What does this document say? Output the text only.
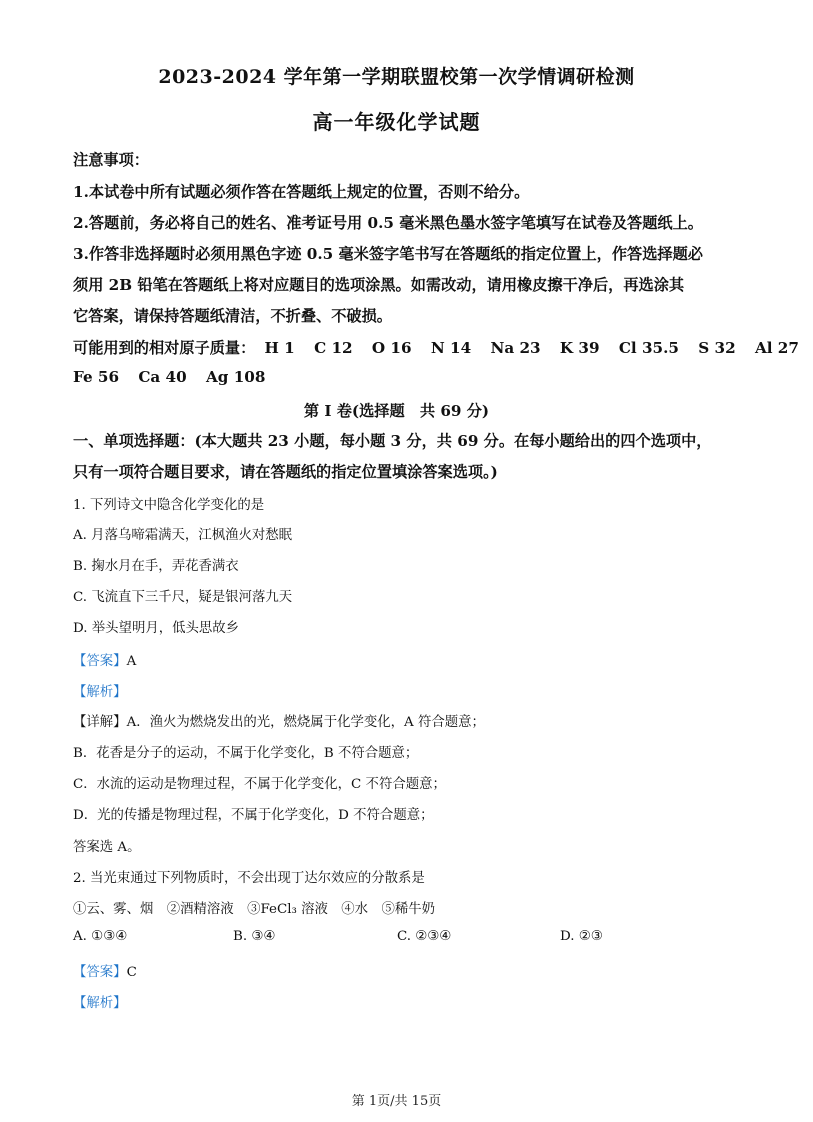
2023-2024 学年第一学期联盟校第一次学情调研检测
高一年级化学试题
注意事项：
1.本试卷中所有试题必须作答在答题纸上规定的位置，否则不给分。
2.答题前，务必将自己的姓名、准考证号用 0.5 毫米黑色墨水签字笔填写在试卷及答题纸上。
3.作答非选择题时必须用黑色字迹 0.5 毫米签字笔书写在答题纸的指定位置上，作答选择题必
须用 2B 铅笔在答题纸上将对应题目的选项涂黑。如需改动，请用橡皮擦干净后，再选涂其
它答案，请保持答题纸清洁，不折叠、不破损。
可能用到的相对原子质量： H 1 C 12 O 16 N 14 Na 23 K 39 Cl 35.5 S 32 Al 27
Fe 56 Ca 40 Ag 108
第 I 卷(选择题　共 69 分)
一、单项选择题：(本大题共 23 小题，每小题 3 分，共 69 分。在每小题给出的四个选项中，
只有一项符合题目要求，请在答题纸的指定位置填涂答案选项。)
1. 下列诗文中隐含化学变化的是
A. 月落乌啼霜满天，江枫渔火对愁眠
B. 掬水月在手，弄花香满衣
C. 飞流直下三千尺，疑是银河落九天
D. 举头望明月，低头思故乡
【答案】A
【解析】
【详解】A．渔火为燃烧发出的光，燃烧属于化学变化，A 符合题意；
B．花香是分子的运动，不属于化学变化，B 不符合题意；
C．水流的运动是物理过程，不属于化学变化，C 不符合题意；
D．光的传播是物理过程，不属于化学变化，D 不符合题意；
答案选 A。
2. 当光束通过下列物质时，不会出现丁达尔效应的分散系是
①云、雾、烟　②酒精溶液　③FeCl₃ 溶液　④水　⑤稀牛奶
A. ①③④	B. ③④	C. ②③④	D. ②③
【答案】C
【解析】
第 1页/共 15页
